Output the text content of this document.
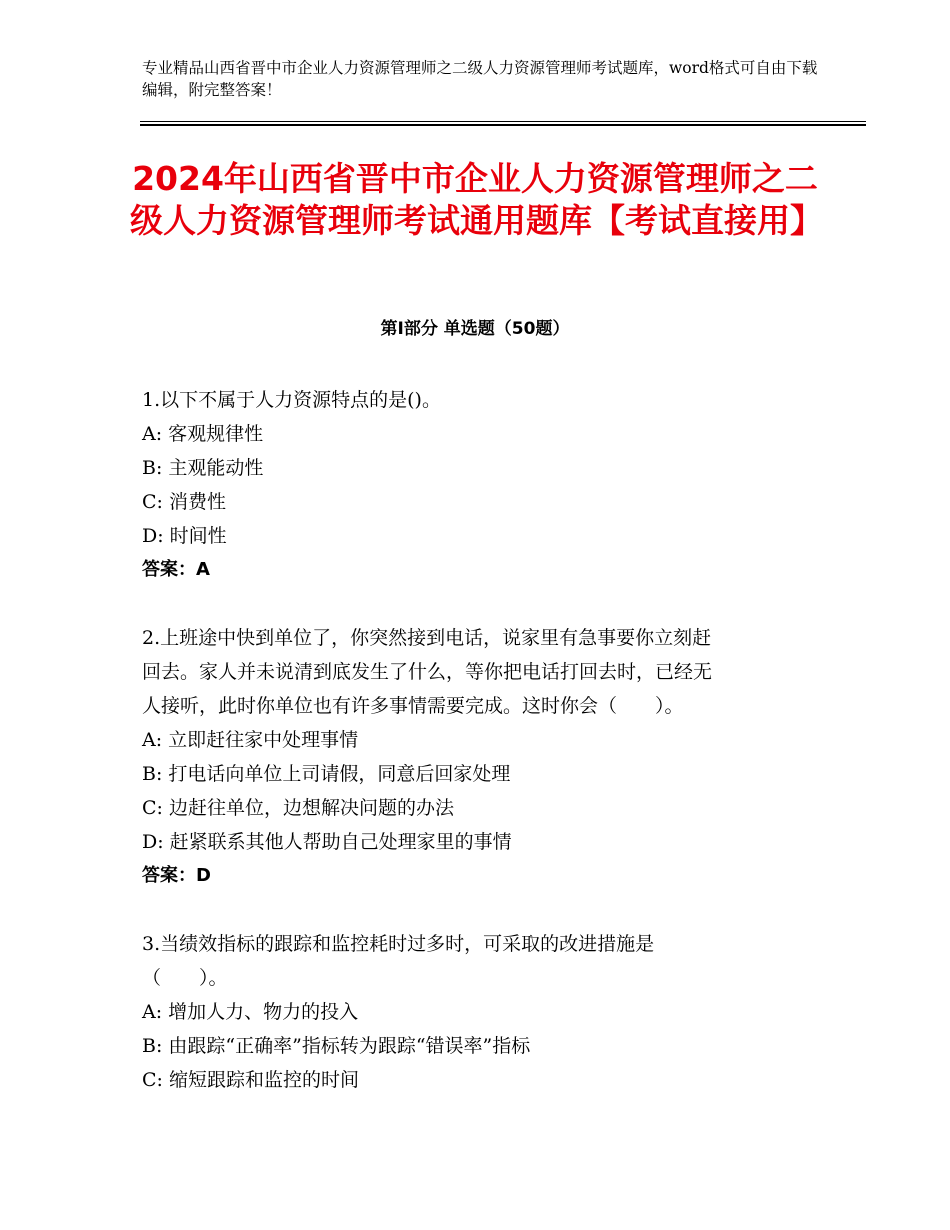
专业精品山西省晋中市企业人力资源管理师之二级人力资源管理师考试题库，word格式可自由下载编辑，附完整答案！
2024年山西省晋中市企业人力资源管理师之二级人力资源管理师考试通用题库【考试直接用】
第Ⅰ部分 单选题（50题）
1.以下不属于人力资源特点的是()。
A: 客观规律性
B: 主观能动性
C: 消费性
D: 时间性
答案：A
2.上班途中快到单位了，你突然接到电话，说家里有急事要你立刻赶
回去。家人并未说清到底发生了什么，等你把电话打回去时，已经无
人接听，此时你单位也有许多事情需要完成。这时你会（　　）。
A: 立即赶往家中处理事情
B: 打电话向单位上司请假，同意后回家处理
C: 边赶往单位，边想解决问题的办法
D: 赶紧联系其他人帮助自己处理家里的事情
答案：D
3.当绩效指标的跟踪和监控耗时过多时，可采取的改进措施是
（　　）。
A: 增加人力、物力的投入
B: 由跟踪“正确率”指标转为跟踪“错误率”指标
C: 缩短跟踪和监控的时间
